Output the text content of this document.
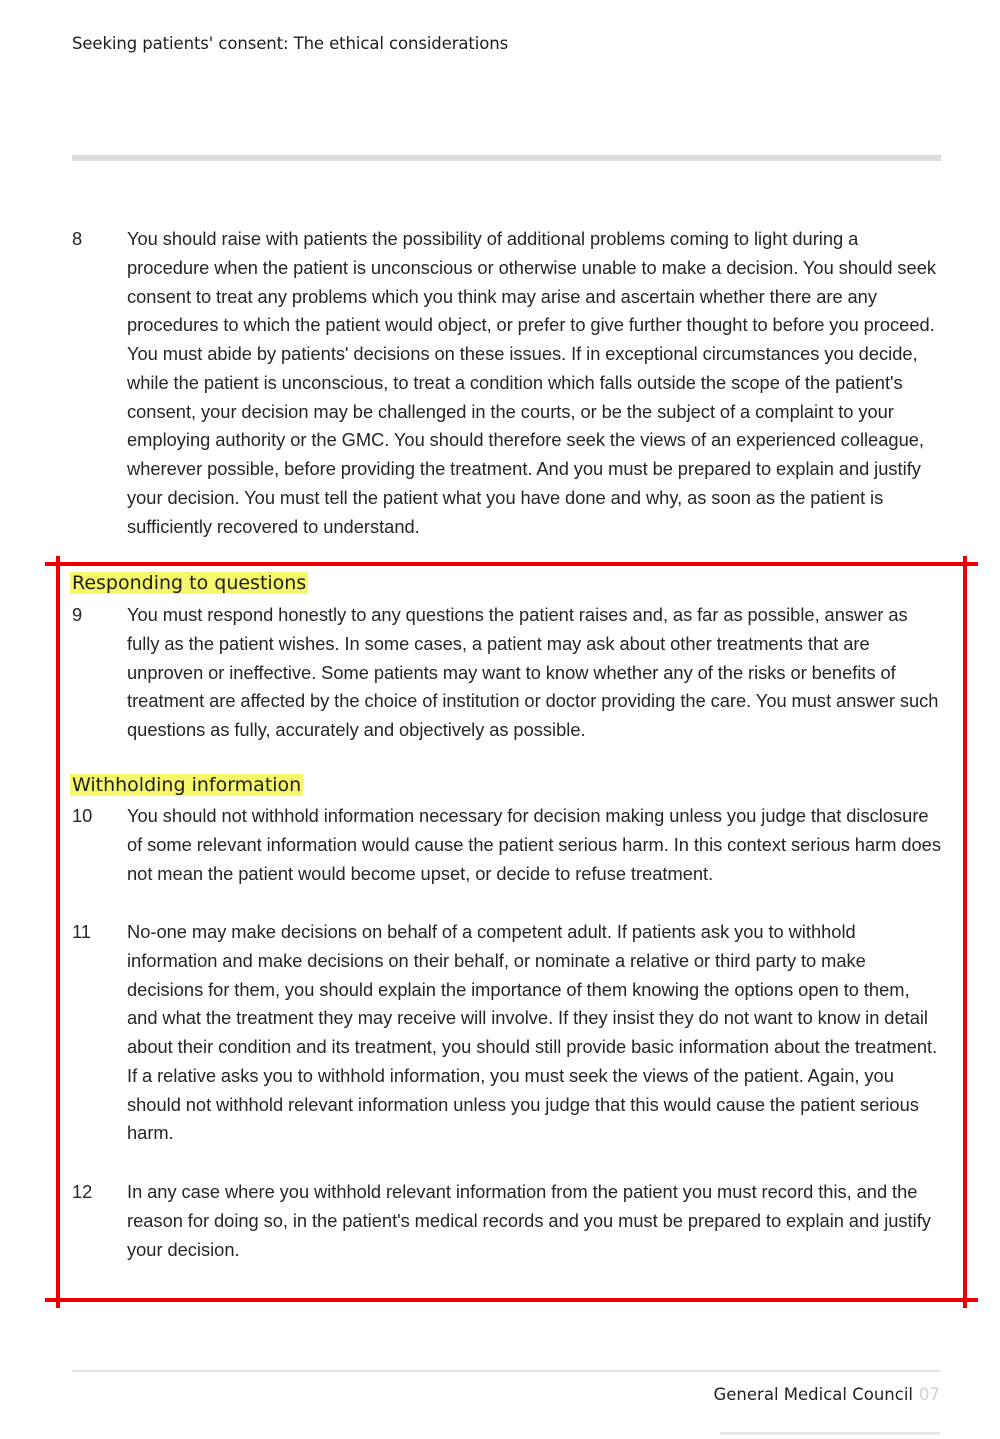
Seeking patients' consent: The ethical considerations
8	You should raise with patients the possibility of additional problems coming to light during a procedure when the patient is unconscious or otherwise unable to make a decision. You should seek consent to treat any problems which you think may arise and ascertain whether there are any procedures to which the patient would object, or prefer to give further thought to before you proceed. You must abide by patients' decisions on these issues. If in exceptional circumstances you decide, while the patient is unconscious, to treat a condition which falls outside the scope of the patient's consent, your decision may be challenged in the courts, or be the subject of a complaint to your employing authority or the GMC. You should therefore seek the views of an experienced colleague, wherever possible, before providing the treatment. And you must be prepared to explain and justify your decision. You must tell the patient what you have done and why, as soon as the patient is sufficiently recovered to understand.
Responding to questions
9	You must respond honestly to any questions the patient raises and, as far as possible, answer as fully as the patient wishes. In some cases, a patient may ask about other treatments that are unproven or ineffective. Some patients may want to know whether any of the risks or benefits of treatment are affected by the choice of institution or doctor providing the care. You must answer such questions as fully, accurately and objectively as possible.
Withholding information
10	You should not withhold information necessary for decision making unless you judge that disclosure of some relevant information would cause the patient serious harm. In this context serious harm does not mean the patient would become upset, or decide to refuse treatment.
11	No-one may make decisions on behalf of a competent adult. If patients ask you to withhold information and make decisions on their behalf, or nominate a relative or third party to make decisions for them, you should explain the importance of them knowing the options open to them, and what the treatment they may receive will involve. If they insist they do not want to know in detail about their condition and its treatment, you should still provide basic information about the treatment. If a relative asks you to withhold information, you must seek the views of the patient. Again, you should not withhold relevant information unless you judge that this would cause the patient serious harm.
12	In any case where you withhold relevant information from the patient you must record this, and the reason for doing so, in the patient's medical records and you must be prepared to explain and justify your decision.
General Medical Council 07
